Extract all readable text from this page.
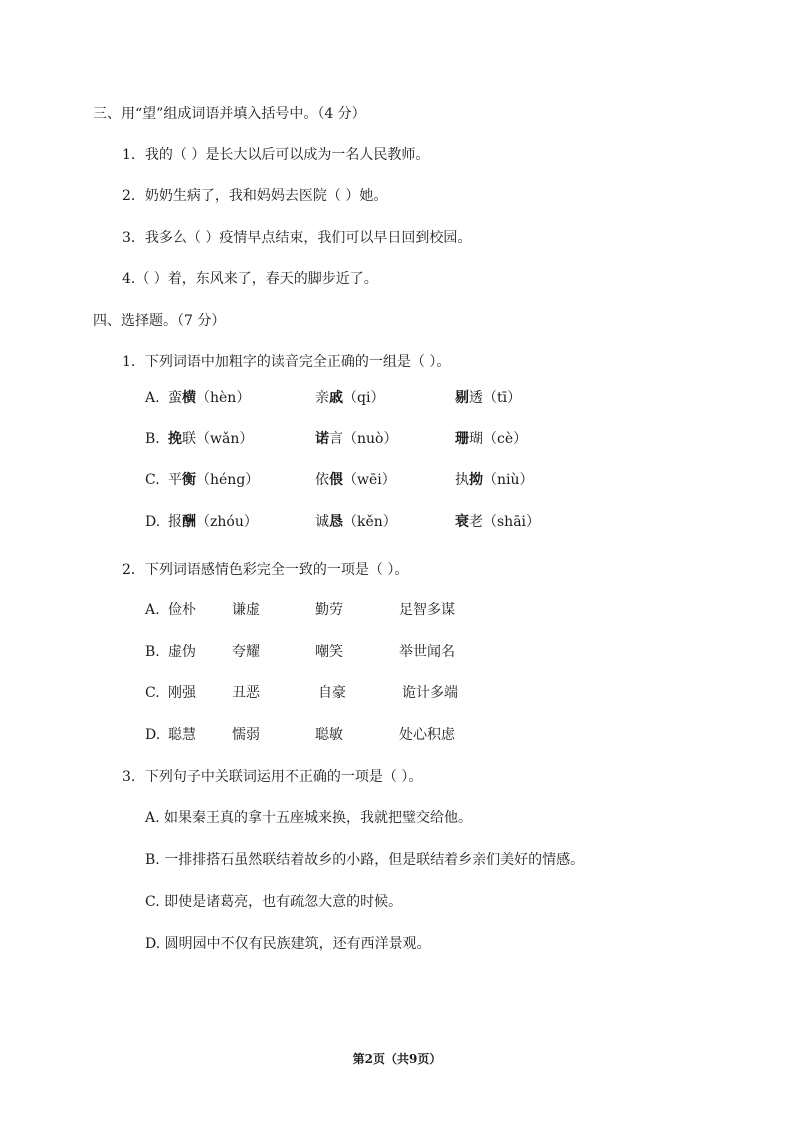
三、用“望”组成词语并填入括号中。（4 分）
1．我的（ ）是长大以后可以成为一名人民教师。
2．奶奶生病了，我和妈妈去医院（ ）她。
3．我多么（ ）疫情早点结束，我们可以早日回到校园。
4.（ ）着，东风来了，春天的脚步近了。
四、选择题。（7 分）
1．下列词语中加粗字的读音完全正确的一组是（ ）。
A. 蛮横（hèn）	亲戚（qi）	剔透（tī）
B. 挽联（wǎn）	诺言（nuò）	珊瑚（cè）
C. 平衡（héng）	依偎（wēi）	执拗（niù）
D. 报酬（zhóu）	诚恳（kěn）	衰老（shāi）
2．下列词语感情色彩完全一致的一项是（ ）。
A. 俭朴	谦虚	勤劳	足智多谋
B. 虚伪	夸耀	嘲笑	举世闻名
C. 刚强	丑恶	自豪	诡计多端
D. 聪慧	懦弱	聪敏	处心积虑
3．下列句子中关联词运用不正确的一项是（ ）。
A. 如果秦王真的拿十五座城来换，我就把璧交给他。
B. 一排排搭石虽然联结着故乡的小路，但是联结着乡亲们美好的情感。
C. 即使是诸葛亮，也有疏忽大意的时候。
D. 圆明园中不仅有民族建筑，还有西洋景观。
第2页（共9页）
